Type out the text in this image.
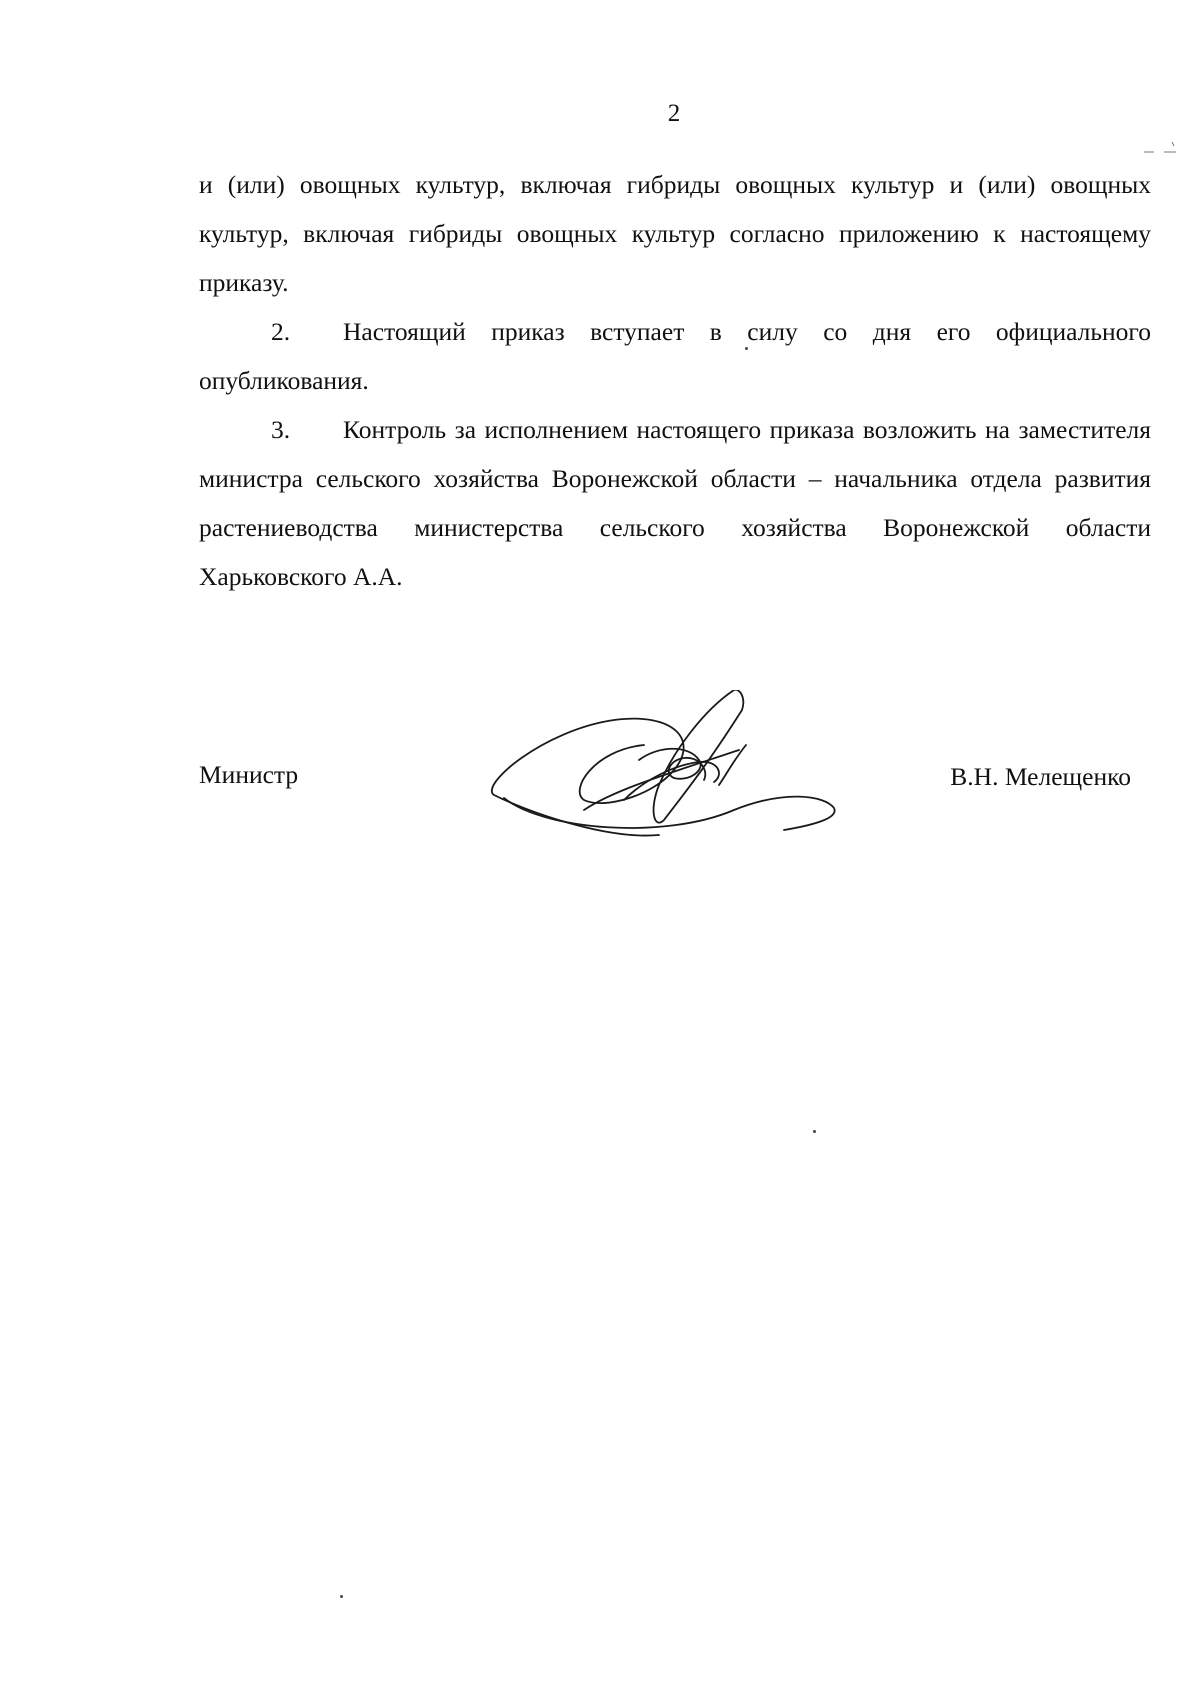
2

и (или) овощных культур, включая гибриды овощных культур и (или) овощных культур, включая гибриды овощных культур согласно приложению к настоящему приказу.

2. Настоящий приказ вступает в силу со дня его официального опубликования.

3. Контроль за исполнением настоящего приказа возложить на заместителя министра сельского хозяйства Воронежской области – начальника отдела развития растениеводства министерства сельского хозяйства Воронежской области Харьковского А.А.

Министр	В.Н. Мелещенко
